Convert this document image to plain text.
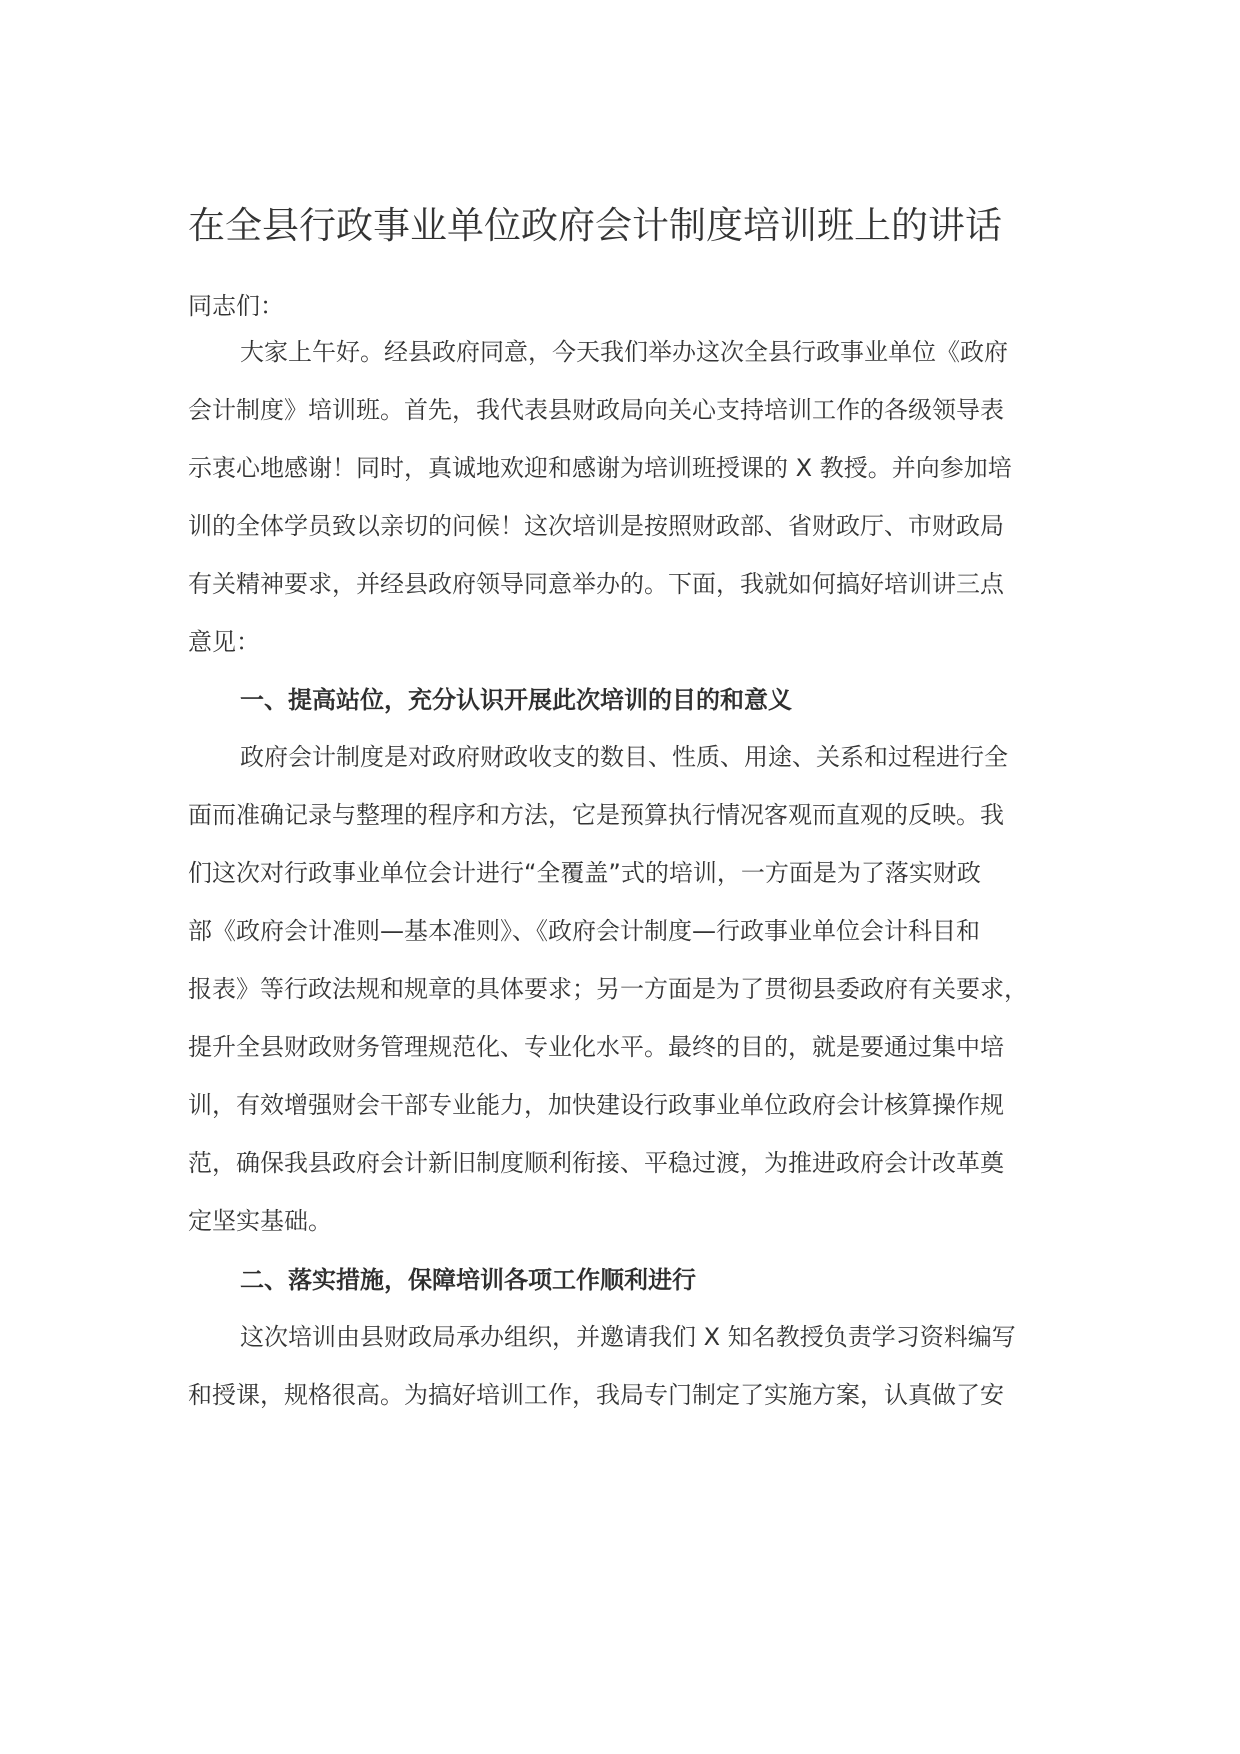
在全县行政事业单位政府会计制度培训班上的讲话

同志们：

大家上午好。经县政府同意，今天我们举办这次全县行政事业单位《政府

会计制度》培训班。首先，我代表县财政局向关心支持培训工作的各级领导表

示衷心地感谢！同时，真诚地欢迎和感谢为培训班授课的 X 教授。并向参加培

训的全体学员致以亲切的问候！这次培训是按照财政部、省财政厅、市财政局

有关精神要求，并经县政府领导同意举办的。下面，我就如何搞好培训讲三点

意见：

一、提高站位，充分认识开展此次培训的目的和意义

政府会计制度是对政府财政收支的数目、性质、用途、关系和过程进行全

面而准确记录与整理的程序和方法，它是预算执行情况客观而直观的反映。我

们这次对行政事业单位会计进行“全覆盖”式的培训，一方面是为了落实财政

部《政府会计准则—基本准则》、《政府会计制度—行政事业单位会计科目和

报表》等行政法规和规章的具体要求；另一方面是为了贯彻县委政府有关要求，

提升全县财政财务管理规范化、专业化水平。最终的目的，就是要通过集中培

训，有效增强财会干部专业能力，加快建设行政事业单位政府会计核算操作规

范，确保我县政府会计新旧制度顺利衔接、平稳过渡，为推进政府会计改革奠

定坚实基础。

二、落实措施，保障培训各项工作顺利进行

这次培训由县财政局承办组织，并邀请我们 X 知名教授负责学习资料编写

和授课，规格很高。为搞好培训工作，我局专门制定了实施方案，认真做了安
